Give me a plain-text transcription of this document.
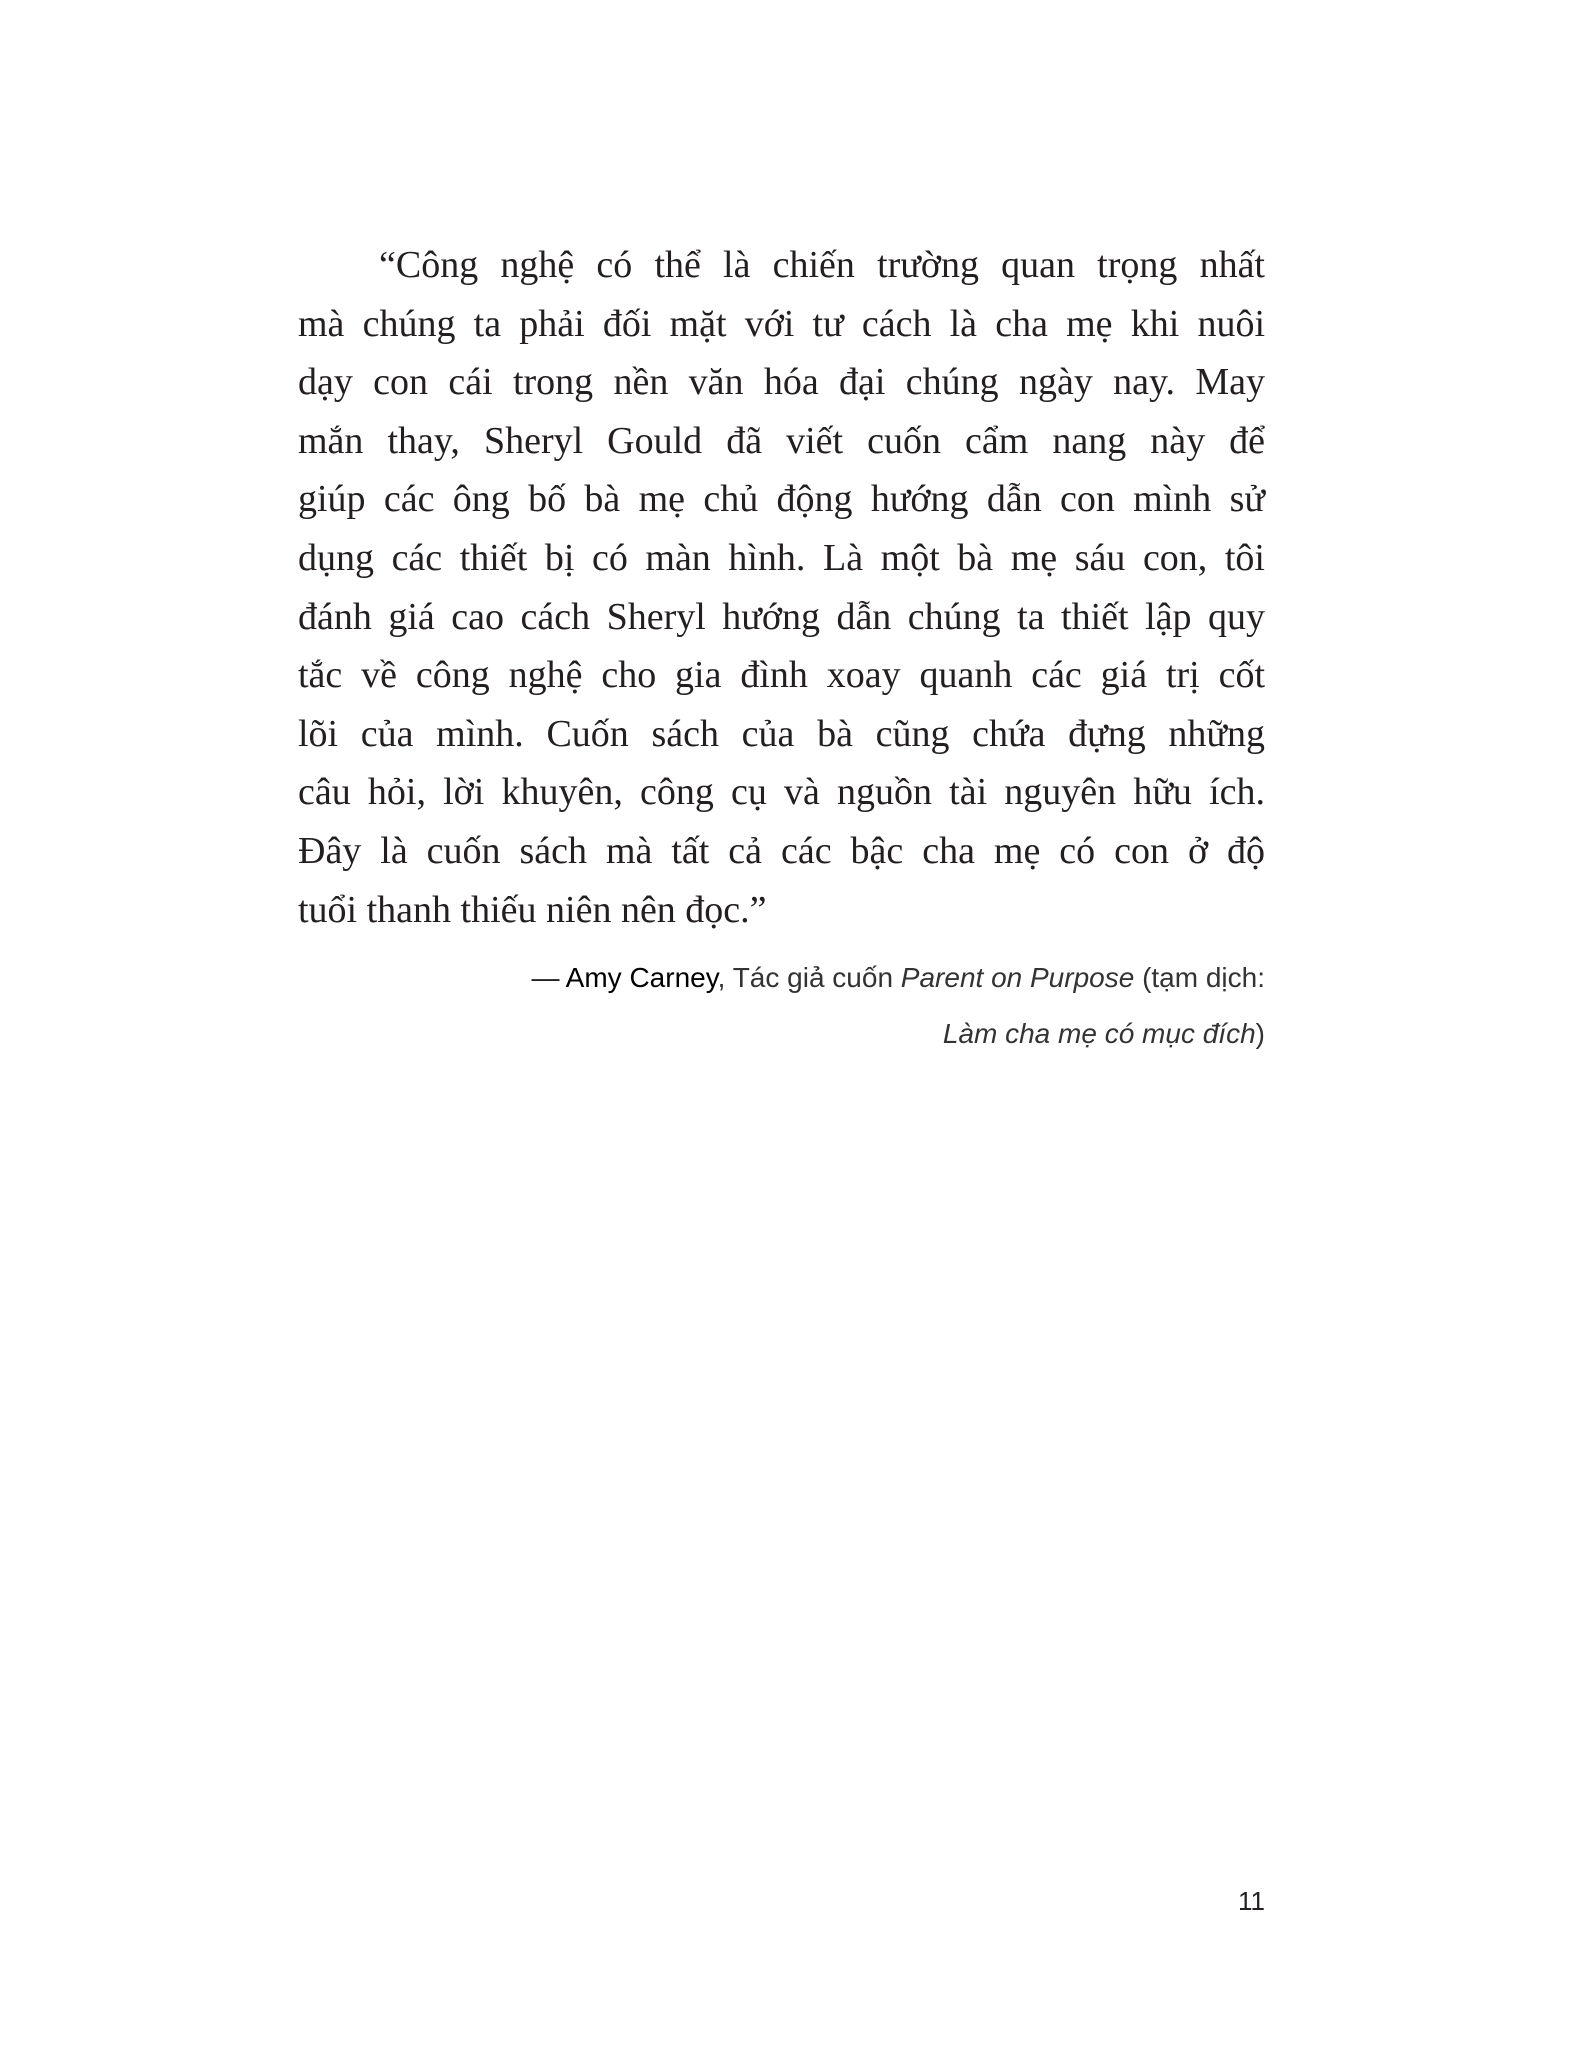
“Công nghệ có thể là chiến trường quan trọng nhất
mà chúng ta phải đối mặt với tư cách là cha mẹ khi nuôi
dạy con cái trong nền văn hóa đại chúng ngày nay. May
mắn thay, Sheryl Gould đã viết cuốn cẩm nang này để
giúp các ông bố bà mẹ chủ động hướng dẫn con mình sử
dụng các thiết bị có màn hình. Là một bà mẹ sáu con, tôi
đánh giá cao cách Sheryl hướng dẫn chúng ta thiết lập quy
tắc về công nghệ cho gia đình xoay quanh các giá trị cốt
lõi của mình. Cuốn sách của bà cũng chứa đựng những
câu hỏi, lời khuyên, công cụ và nguồn tài nguyên hữu ích.
Đây là cuốn sách mà tất cả các bậc cha mẹ có con ở độ
tuổi thanh thiếu niên nên đọc.”
— Amy Carney, Tác giả cuốn Parent on Purpose (tạm dịch:
Làm cha mẹ có mục đích)
11
